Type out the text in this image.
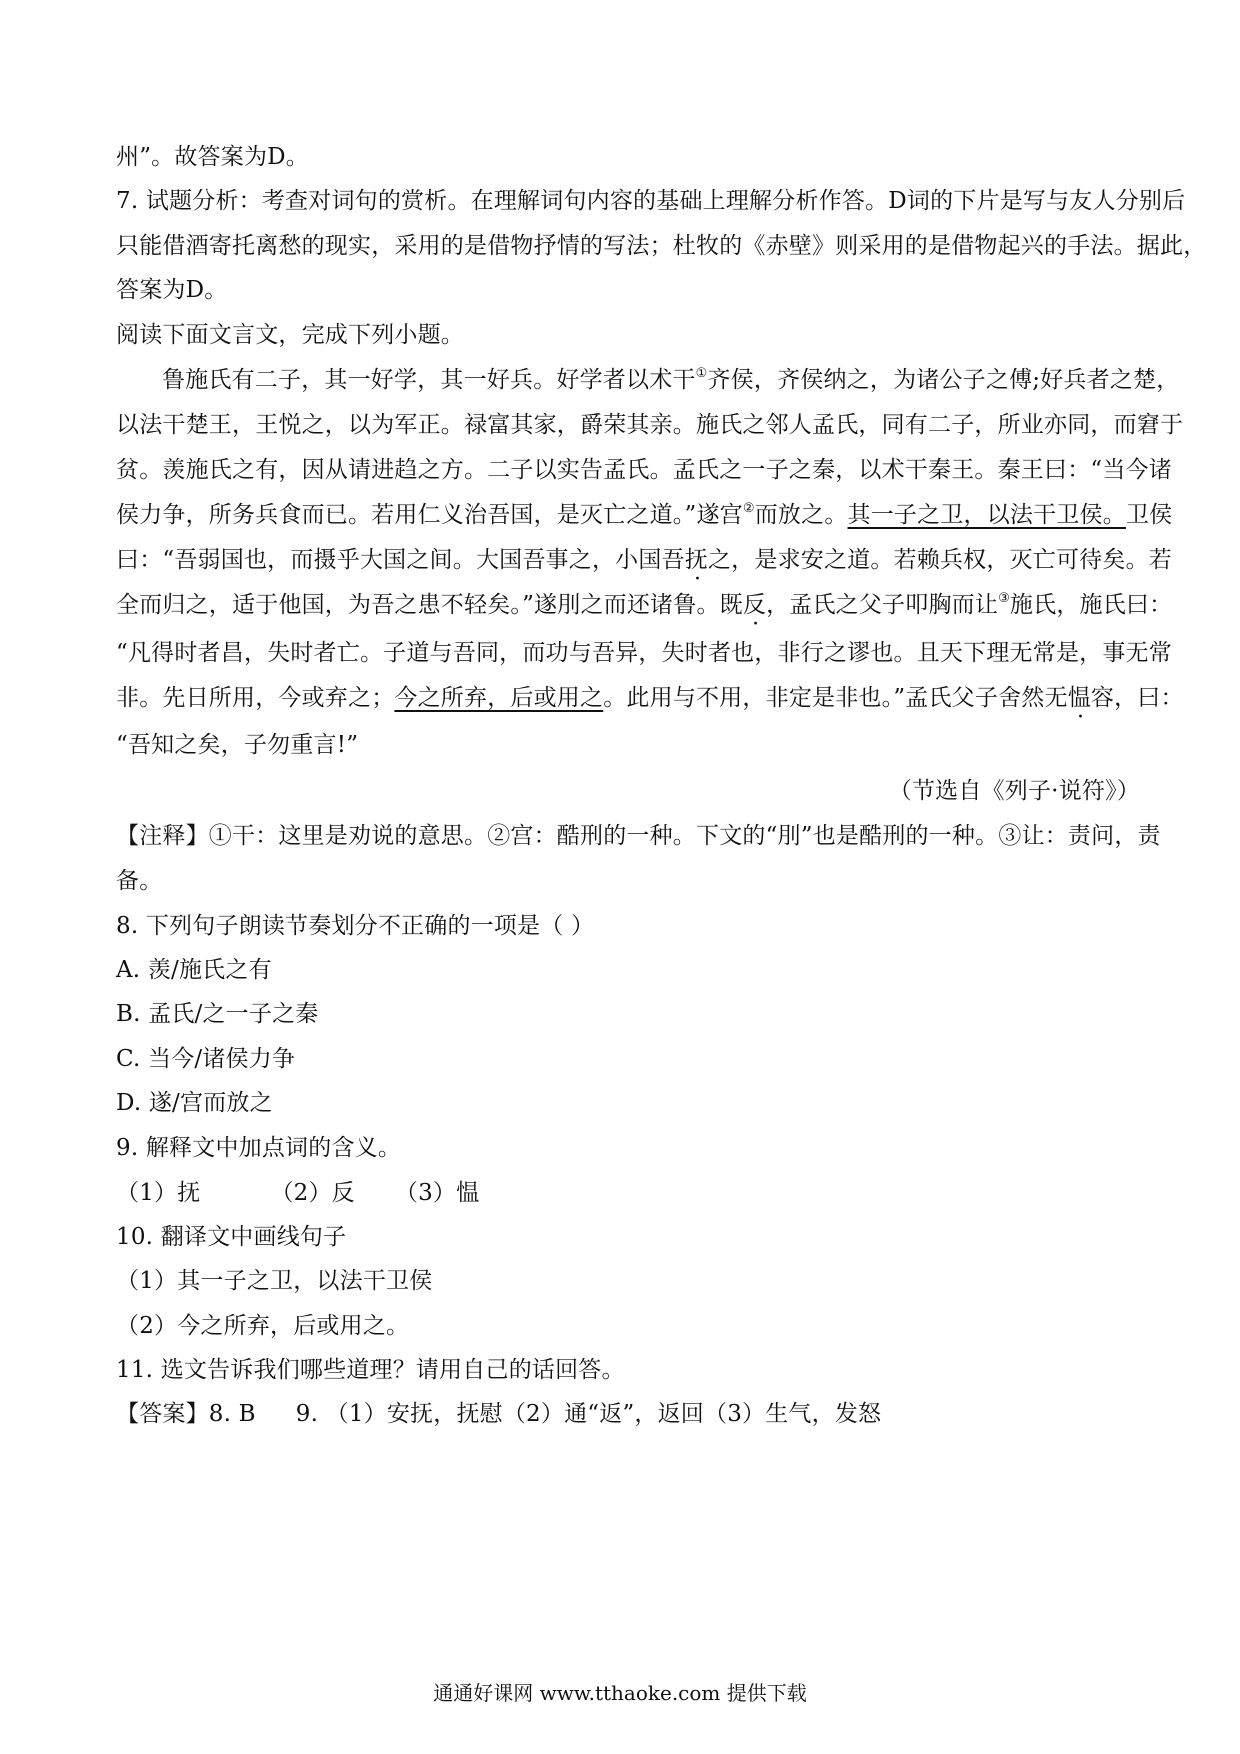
州”。故答案为D。
7. 试题分析：考查对词句的赏析。在理解词句内容的基础上理解分析作答。D词的下片是写与友人分别后
只能借酒寄托离愁的现实，采用的是借物抒情的写法；杜牧的《赤壁》则采用的是借物起兴的手法。据此，
答案为D。
阅读下面文言文，完成下列小题。
鲁施氏有二子，其一好学，其一好兵。好学者以术干①齐侯，齐侯纳之，为诸公子之傅;好兵者之楚，
以法干楚王，王悦之，以为军正。禄富其家，爵荣其亲。施氏之邻人孟氏，同有二子，所业亦同，而窘于
贫。羡施氏之有，因从请进趋之方。二子以实告孟氏。孟氏之一子之秦，以术干秦王。秦王曰：“当今诸
侯力争，所务兵食而已。若用仁义治吾国，是灭亡之道。”遂宫②而放之。其一子之卫，以法干卫侯。卫侯
曰：“吾弱国也，而摄乎大国之间。大国吾事之，小国吾抚之，是求安之道。若赖兵权，灭亡可待矣。若
全而归之，适于他国，为吾之患不轻矣。”遂刖之而还诸鲁。既反，孟氏之父子叩胸而让③施氏，施氏曰：
“凡得时者昌，失时者亡。子道与吾同，而功与吾异，失时者也，非行之谬也。且天下理无常是，事无常
非。先日所用，今或弃之；今之所弃，后或用之。此用与不用，非定是非也。”孟氏父子舍然无愠容，曰：
“吾知之矣，子勿重言!”
（节选自《列子·说符》）
【注释】①干：这里是劝说的意思。②宫：酷刑的一种。下文的“刖”也是酷刑的一种。③让：责问，责
备。
8. 下列句子朗读节奏划分不正确的一项是（ ）
A. 羡/施氏之有
B. 孟氏/之一子之秦
C. 当今/诸侯力争
D. 遂/宫而放之
9. 解释文中加点词的含义。
（1）抚	（2）反 （3）愠
10. 翻译文中画线句子
（1）其一子之卫，以法干卫侯
（2）今之所弃，后或用之。
11. 选文告诉我们哪些道理？请用自己的话回答。
【答案】8. B 9. （1）安抚，抚慰（2）通“返”，返回（3）生气，发怒
通通好课网 www.tthaoke.com 提供下载
